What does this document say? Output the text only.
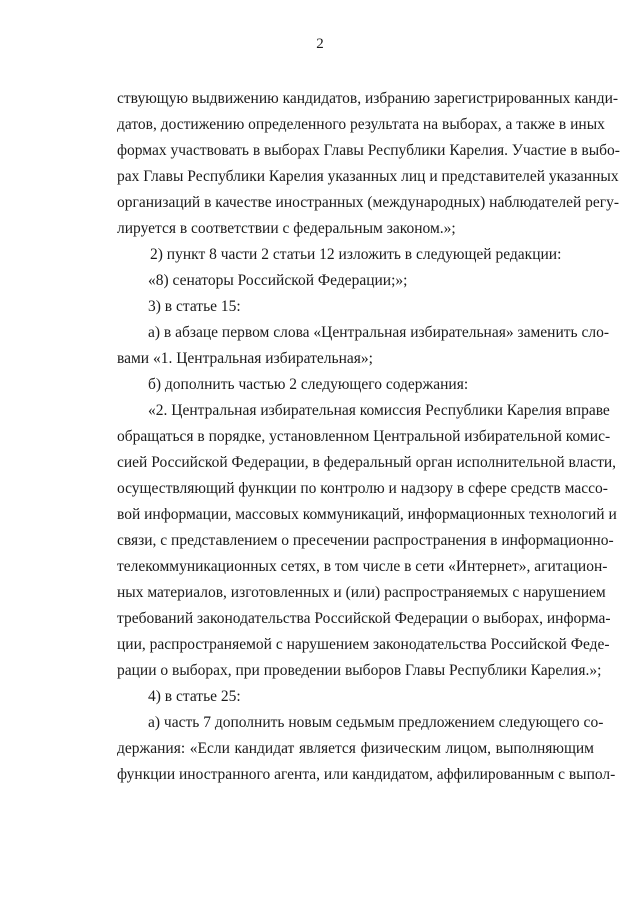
2
ствующую выдвижению кандидатов, избранию зарегистрированных канди-
датов, достижению определенного результата на выборах, а также в иных
формах участвовать в выборах Главы Республики Карелия. Участие в выбо-
рах Главы Республики Карелия указанных лиц и представителей указанных
организаций в качестве иностранных (международных) наблюдателей регу-
лируется в соответствии с федеральным законом.»;
2) пункт 8 части 2 статьи 12 изложить в следующей редакции:
«8) сенаторы Российской Федерации;»;
3) в статье 15:
а) в абзаце первом слова «Центральная избирательная» заменить сло-
вами «1. Центральная избирательная»;
б) дополнить частью 2 следующего содержания:
«2. Центральная избирательная комиссия Республики Карелия вправе
обращаться в порядке, установленном Центральной избирательной комис-
сией Российской Федерации, в федеральный орган исполнительной власти,
осуществляющий функции по контролю и надзору в сфере средств массо-
вой информации, массовых коммуникаций, информационных технологий и
связи, с представлением о пресечении распространения в информационно-
телекоммуникационных сетях, в том числе в сети «Интернет», агитацион-
ных материалов, изготовленных и (или) распространяемых с нарушением
требований законодательства Российской Федерации о выборах, информа-
ции, распространяемой с нарушением законодательства Российской Феде-
рации о выборах, при проведении выборов Главы Республики Карелия.»;
4) в статье 25:
а) часть 7 дополнить новым седьмым предложением следующего со-
держания: «Если кандидат является физическим лицом, выполняющим
функции иностранного агента, или кандидатом, аффилированным с выпол-
